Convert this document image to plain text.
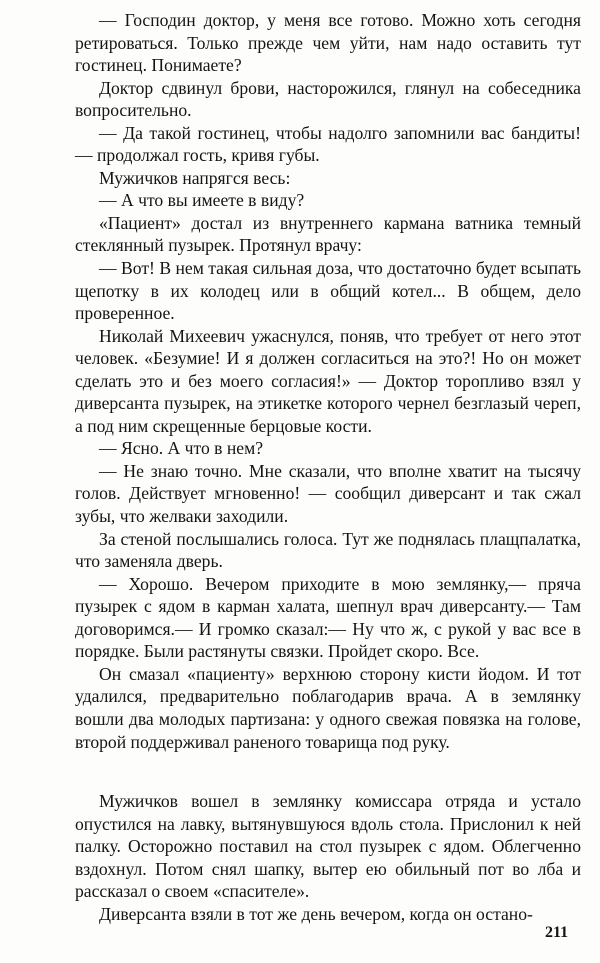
— Господин доктор, у меня все готово. Можно хоть сегодня ретироваться. Только прежде чем уйти, нам надо оставить тут гостинец. Понимаете?

Доктор сдвинул брови, насторожился, глянул на собеседника вопросительно.

— Да такой гостинец, чтобы надолго запомнили вас бандиты! — продолжал гость, кривя губы.

Мужичков напрягся весь:

— А что вы имеете в виду?

«Пациент» достал из внутреннего кармана ватника темный стеклянный пузырек. Протянул врачу:

— Вот! В нем такая сильная доза, что достаточно будет всыпать щепотку в их колодец или в общий котел... В общем, дело проверенное.

Николай Михеевич ужаснулся, поняв, что требует от него этот человек. «Безумие! И я должен согласиться на это?! Но он может сделать это и без моего согласия!» — Доктор торопливо взял у диверсанта пузырек, на этикетке которого чернел безглазый череп, а под ним скрещенные берцовые кости.

— Ясно. А что в нем?

— Не знаю точно. Мне сказали, что вполне хватит на тысячу голов. Действует мгновенно! — сообщил диверсант и так сжал зубы, что желваки заходили.

За стеной послышались голоса. Тут же поднялась плащпалатка, что заменяла дверь.

— Хорошо. Вечером приходите в мою землянку,— пряча пузырек с ядом в карман халата, шепнул врач диверсанту.— Там договоримся.— И громко сказал:— Ну что ж, с рукой у вас все в порядке. Были растянуты связки. Пройдет скоро. Все.

Он смазал «пациенту» верхнюю сторону кисти йодом. И тот удалился, предварительно поблагодарив врача. А в землянку вошли два молодых партизана: у одного свежая повязка на голове, второй поддерживал раненого товарища под руку.

Мужичков вошел в землянку комиссара отряда и устало опустился на лавку, вытянувшуюся вдоль стола. Прислонил к ней палку. Осторожно поставил на стол пузырек с ядом. Облегченно вздохнул. Потом снял шапку, вытер ею обильный пот во лба и рассказал о своем «спасителе».

Диверсанта взяли в тот же день вечером, когда он остано-

211
